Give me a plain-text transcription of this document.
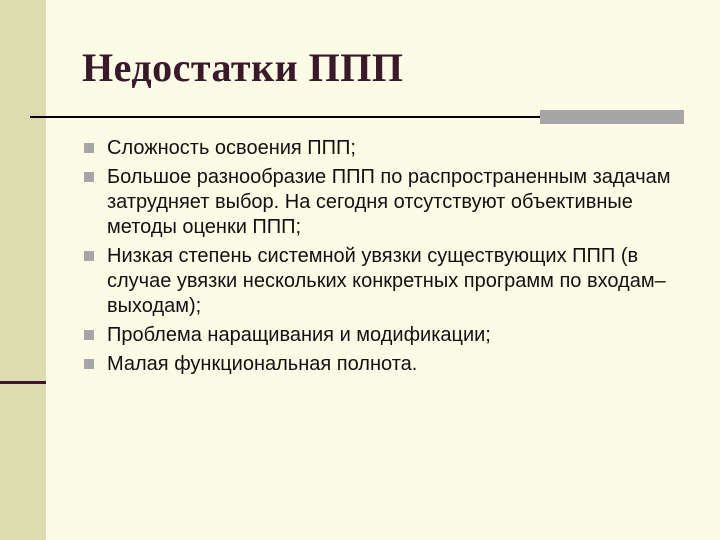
Недостатки ППП
Сложность освоения ППП;
Большое разнообразие ППП по распространенным задачам затрудняет выбор. На сегодня отсутствуют объективные методы оценки ППП;
Низкая степень системной увязки существующих ППП (в случае увязки нескольких конкретных программ по входам–выходам);
Проблема наращивания и модификации;
Малая функциональная полнота.
